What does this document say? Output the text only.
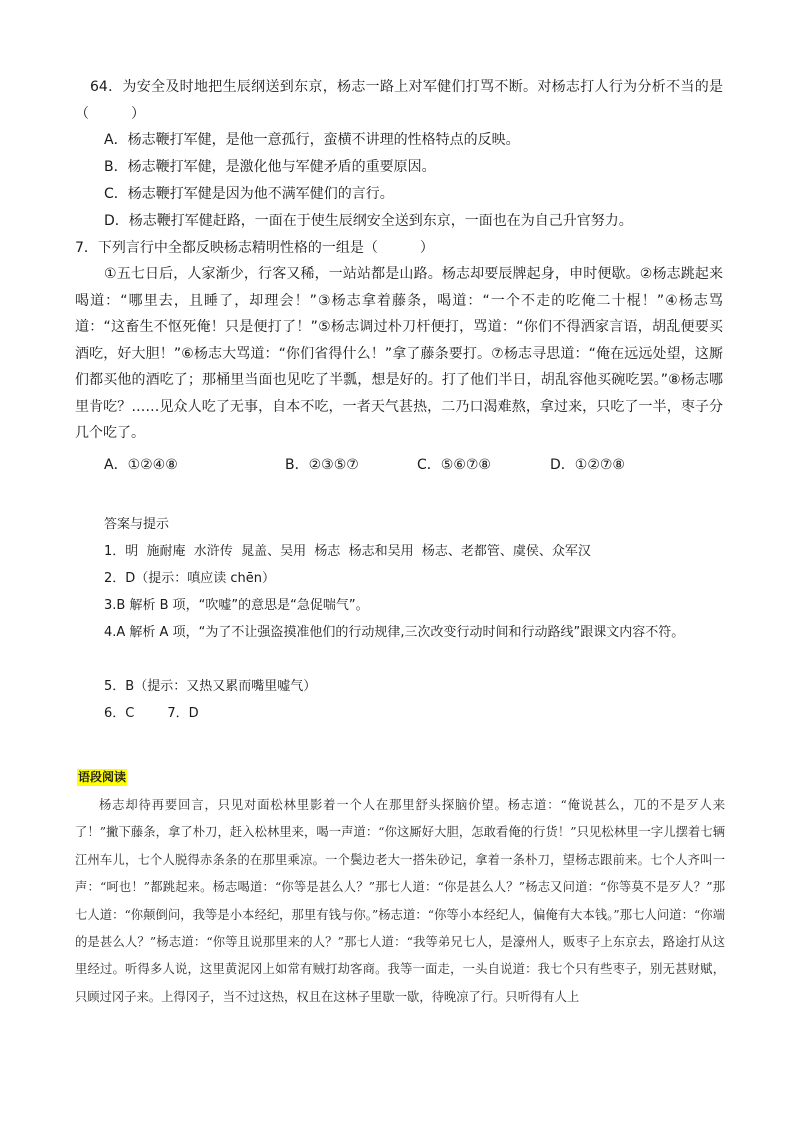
64．为安全及时地把生辰纲送到东京，杨志一路上对军健们打骂不断。对杨志打人行为分析不当的是（　　　）
A．杨志鞭打军健，是他一意孤行，蛮横不讲理的性格特点的反映。
B．杨志鞭打军健，是激化他与军健矛盾的重要原因。
C．杨志鞭打军健是因为他不满军健们的言行。
D．杨志鞭打军健赶路，一面在于使生辰纲安全送到东京，一面也在为自己升官努力。
7．下列言行中全都反映杨志精明性格的一组是（　　　）
①五七日后，人家渐少，行客又稀，一站站都是山路。杨志却要辰牌起身，申时便歇。②杨志跳起来喝道：“哪里去，且睡了，却理会！”③杨志拿着藤条，喝道：“一个不走的吃俺二十棍！”④杨志骂道：“这畜生不怄死俺！只是便打了！”⑤杨志调过朴刀杆便打，骂道：“你们不得洒家言语，胡乱便要买酒吃，好大胆！”⑥杨志大骂道：“你们省得什么！”拿了藤条要打。⑦杨志寻思道：“俺在远远处望，这厮们都买他的酒吃了；那桶里当面也见吃了半瓢，想是好的。打了他们半日，胡乱容他买碗吃罢。”⑧杨志哪里肯吃？……见众人吃了无事，自本不吃，一者天气甚热，二乃口渴难熬，拿过来，只吃了一半，枣子分几个吃了。
A．①②④⑧	B．②③⑤⑦	C．⑤⑥⑦⑧	D．①②⑦⑧
答案与提示
1．明  施耐庵  水浒传  晁盖、吴用  杨志  杨志和吴用  杨志、老都管、虞侯、众军汉
2．D（提示：嗔应读 chēn）
3.B 解析 B 项，“吹嘘”的意思是“急促喘气”。
4.A 解析 A 项，“为了不让强盗摸准他们的行动规律,三次改变行动时间和行动路线”跟课文内容不符。
5．B（提示：又热又累而嘴里嘘气）
6．C        7．D
语段阅读
杨志却待再要回言，只见对面松林里影着一个人在那里舒头探脑价望。杨志道：“俺说甚么，兀的不是歹人来了！”撇下藤条，拿了朴刀，赶入松林里来，喝一声道：“你这厮好大胆，怎敢看俺的行货！”只见松林里一字儿摆着七辆江州车儿，七个人脱得赤条条的在那里乘凉。一个鬓边老大一搭朱砂记，拿着一条朴刀，望杨志跟前来。七个人齐叫一声：“呵也！”都跳起来。杨志喝道：“你等是甚么人？”那七人道：“你是甚么人？”杨志又问道：“你等莫不是歹人？”那七人道：“你颠倒问，我等是小本经纪，那里有钱与你。”杨志道：“你等小本经纪人，偏俺有大本钱。”那七人问道：“你端的是甚么人？”杨志道：“你等且说那里来的人？”那七人道：“我等弟兄七人，是濠州人，贩枣子上东京去，路途打从这里经过。听得多人说，这里黄泥冈上如常有贼打劫客商。我等一面走，一头自说道：我七个只有些枣子，别无甚财赋，只顾过冈子来。上得冈子，当不过这热，权且在这林子里歇一歇，待晚凉了行。只听得有人上
